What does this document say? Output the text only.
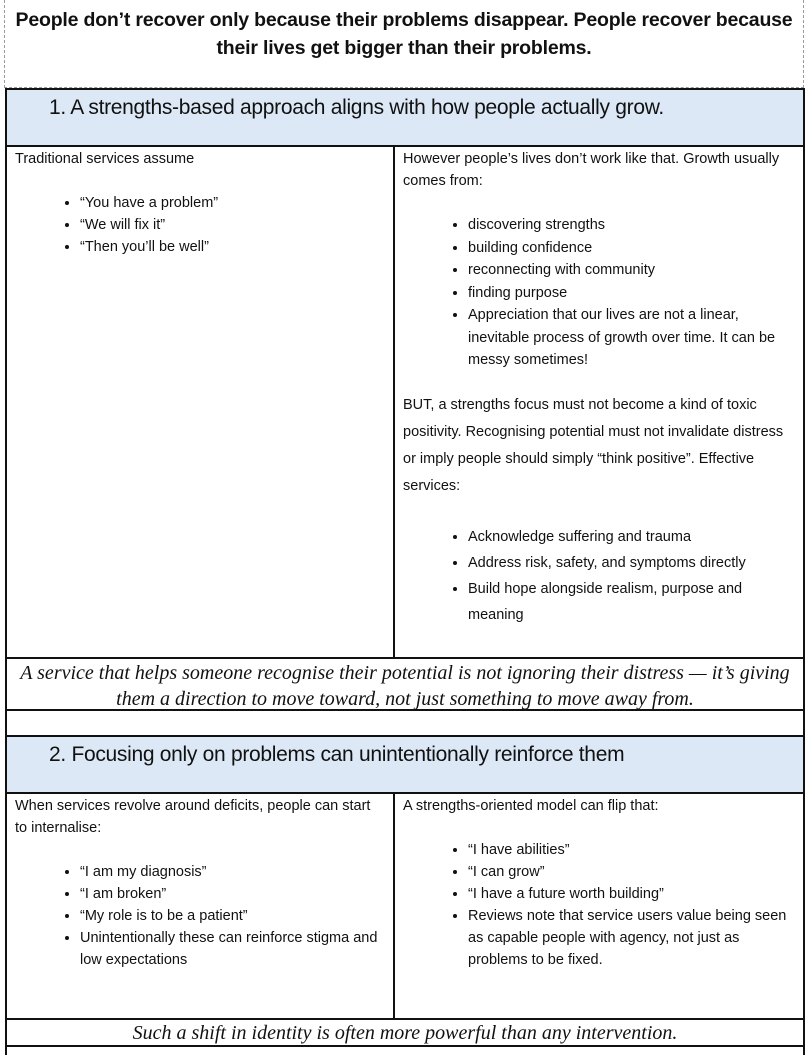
People don’t recover only because their problems disappear. People recover because their lives get bigger than their problems.
1. A strengths-based approach aligns with how people actually grow.
Traditional services assume
• “You have a problem”
• “We will fix it”
• “Then you’ll be well”
However people’s lives don’t work like that. Growth usually comes from:
• discovering strengths
• building confidence
• reconnecting with community
• finding purpose
• Appreciation that our lives are not a linear, inevitable process of growth over time. It can be messy sometimes!
BUT, a strengths focus must not become a kind of toxic positivity. Recognising potential must not invalidate distress or imply people should simply “think positive”. Effective services:
• Acknowledge suffering and trauma
• Address risk, safety, and symptoms directly
• Build hope alongside realism, purpose and meaning
A service that helps someone recognise their potential is not ignoring their distress — it’s giving them a direction to move toward, not just something to move away from.
2. Focusing only on problems can unintentionally reinforce them
When services revolve around deficits, people can start to internalise:
• “I am my diagnosis”
• “I am broken”
• “My role is to be a patient”
• Unintentionally these can reinforce stigma and low expectations
A strengths-oriented model can flip that:
• “I have abilities”
• “I can grow”
• “I have a future worth building”
• Reviews note that service users value being seen as capable people with agency, not just as problems to be fixed.
Such a shift in identity is often more powerful than any intervention.
